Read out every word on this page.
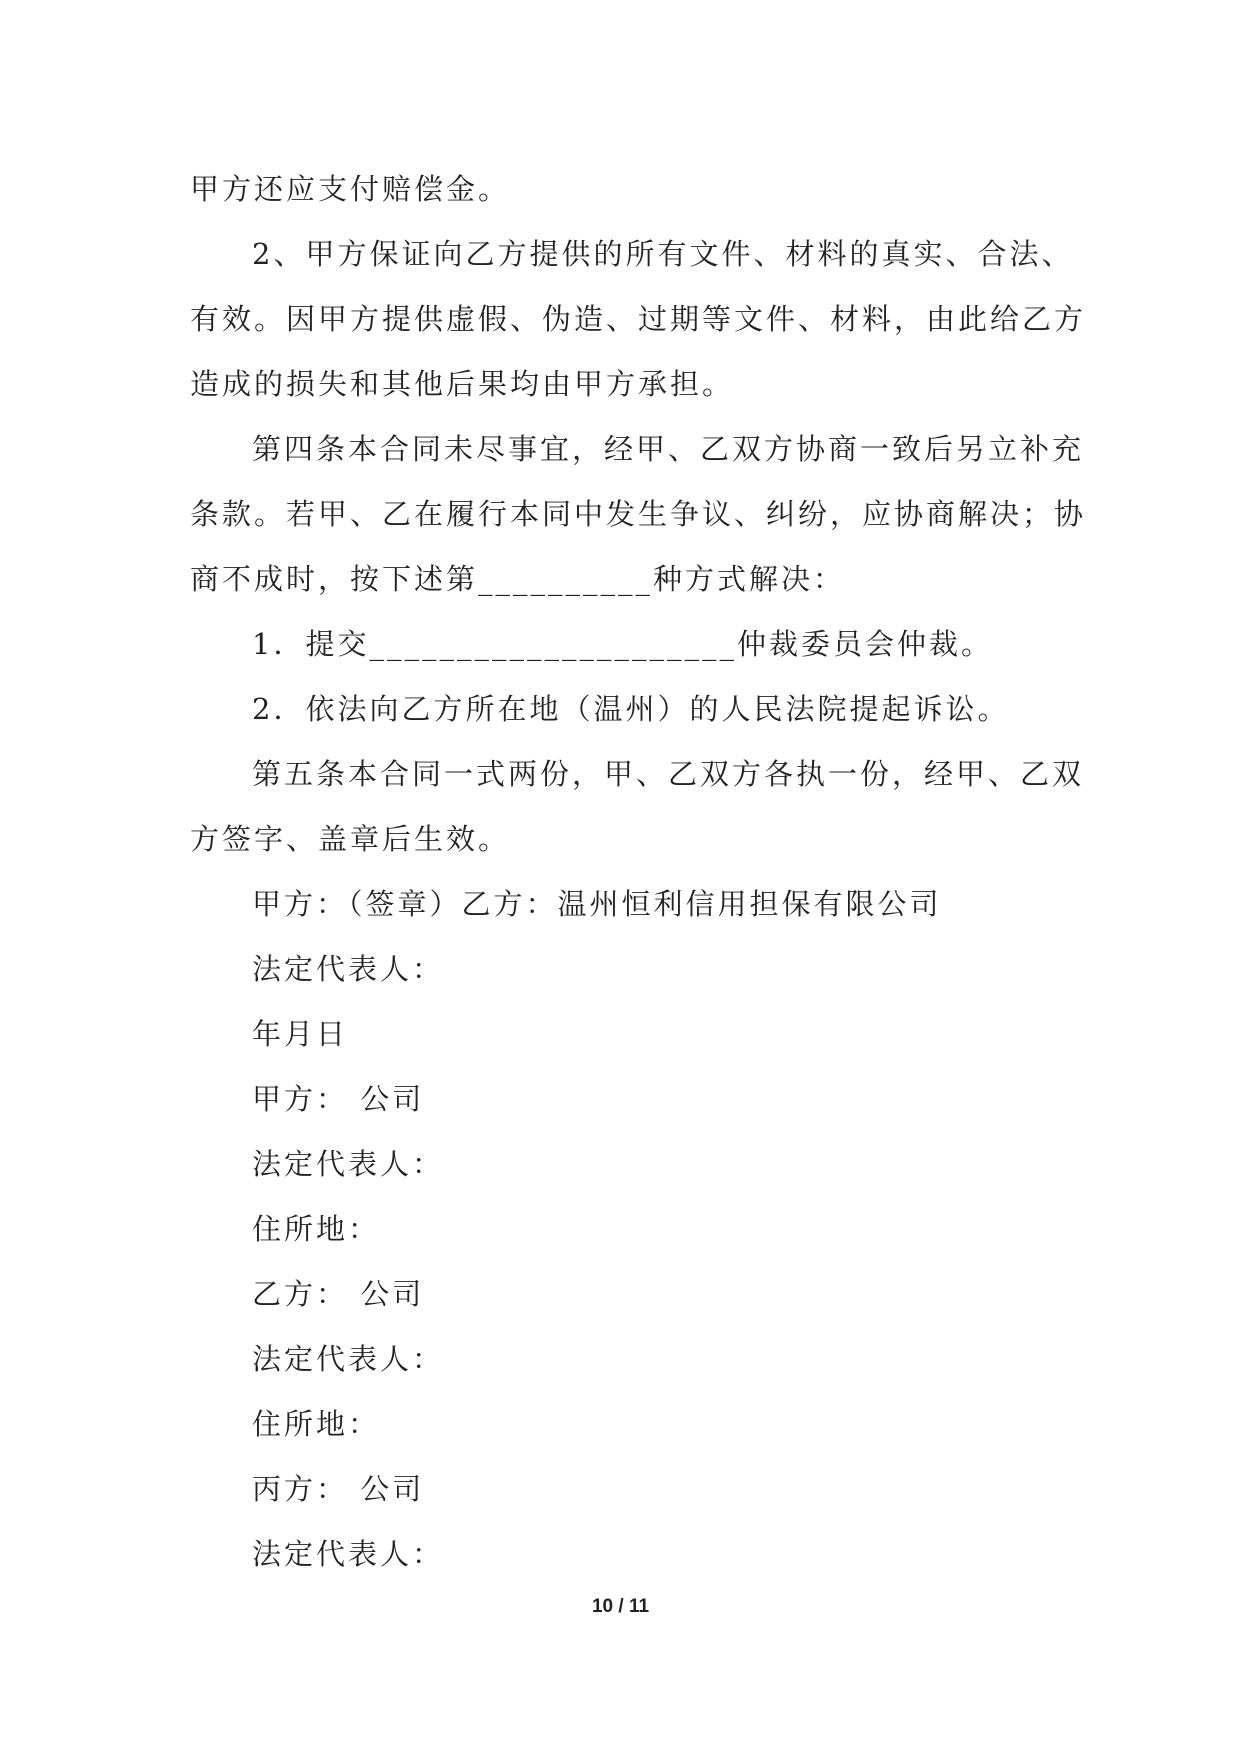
甲方还应支付赔偿金。
2、甲方保证向乙方提供的所有文件、材料的真实、合法、
有效。因甲方提供虚假、伪造、过期等文件、材料，由此给乙方
造成的损失和其他后果均由甲方承担。
第四条本合同未尽事宜，经甲、乙双方协商一致后另立补充
条款。若甲、乙在履行本同中发生争议、纠纷，应协商解决；协
商不成时，按下述第__________种方式解决：
1．提交_____________________仲裁委员会仲裁。
2．依法向乙方所在地（温州）的人民法院提起诉讼。
第五条本合同一式两份，甲、乙双方各执一份，经甲、乙双
方签字、盖章后生效。
甲方：（签章）乙方：温州恒利信用担保有限公司
法定代表人：
年月日
甲方： 公司
法定代表人：
住所地：
乙方： 公司
法定代表人：
住所地：
丙方： 公司
法定代表人：
10 / 11
